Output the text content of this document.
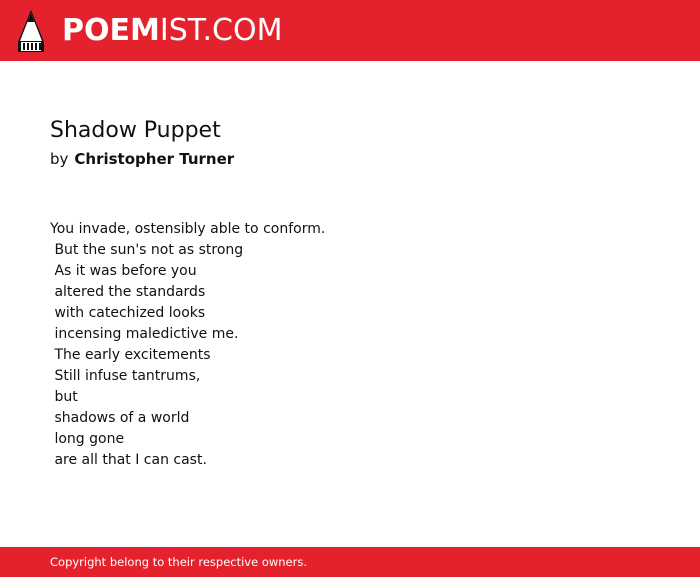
POEMIST.COM
Shadow Puppet
by Christopher Turner
You invade, ostensibly able to conform.
But the sun's not as strong
As it was before you
altered the standards
with catechized looks
incensing maledictive me.
The early excitements
Still infuse tantrums,
but
shadows of a world
long gone
are all that I can cast.
Copyright belong to their respective owners.
